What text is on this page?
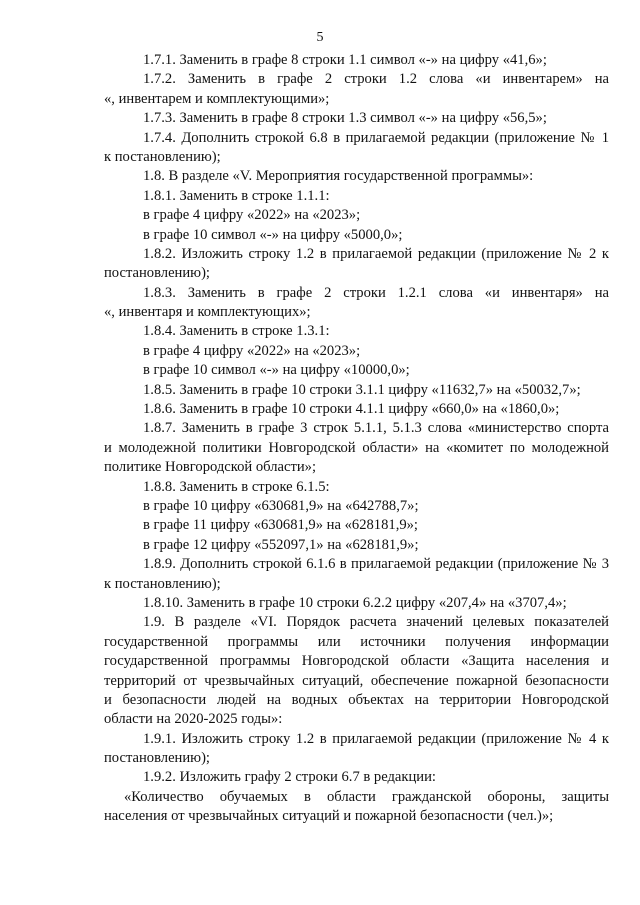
5
1.7.1. Заменить в графе 8 строки 1.1 символ «-» на цифру «41,6»;
1.7.2. Заменить в графе 2 строки 1.2 слова «и инвентарем» на
«, инвентарем и комплектующими»;
1.7.3. Заменить в графе 8 строки 1.3 символ «-» на цифру «56,5»;
1.7.4. Дополнить строкой 6.8 в прилагаемой редакции (приложение № 1
к постановлению);
1.8. В разделе «V. Мероприятия государственной программы»:
1.8.1. Заменить в строке 1.1.1:
в графе 4 цифру «2022» на «2023»;
в графе 10 символ «-» на цифру «5000,0»;
1.8.2. Изложить строку 1.2 в прилагаемой редакции (приложение № 2 к
постановлению);
1.8.3. Заменить в графе 2 строки 1.2.1 слова «и инвентаря» на
«, инвентаря и комплектующих»;
1.8.4. Заменить в строке 1.3.1:
в графе 4 цифру «2022» на «2023»;
в графе 10 символ «-» на цифру «10000,0»;
1.8.5. Заменить в графе 10 строки 3.1.1 цифру «11632,7» на «50032,7»;
1.8.6. Заменить в графе 10 строки 4.1.1 цифру «660,0» на «1860,0»;
1.8.7. Заменить в графе 3 строк 5.1.1, 5.1.3 слова «министерство спорта
и молодежной политики Новгородской области» на «комитет по молодежной
политике Новгородской области»;
1.8.8. Заменить в строке 6.1.5:
в графе 10 цифру «630681,9» на «642788,7»;
в графе 11 цифру «630681,9» на «628181,9»;
в графе 12 цифру «552097,1» на «628181,9»;
1.8.9. Дополнить строкой 6.1.6 в прилагаемой редакции (приложение № 3
к постановлению);
1.8.10. Заменить в графе 10 строки 6.2.2 цифру «207,4» на «3707,4»;
1.9. В разделе «VI. Порядок расчета значений целевых показателей
государственной программы или источники получения информации
государственной программы Новгородской области «Защита населения и
территорий от чрезвычайных ситуаций, обеспечение пожарной безопасности
и безопасности людей на водных объектах на территории Новгородской
области на 2020-2025 годы»:
1.9.1. Изложить строку 1.2 в прилагаемой редакции (приложение № 4 к
постановлению);
1.9.2. Изложить графу 2 строки 6.7 в редакции:
«Количество обучаемых в области гражданской обороны, защиты
населения от чрезвычайных ситуаций и пожарной безопасности (чел.)»;
